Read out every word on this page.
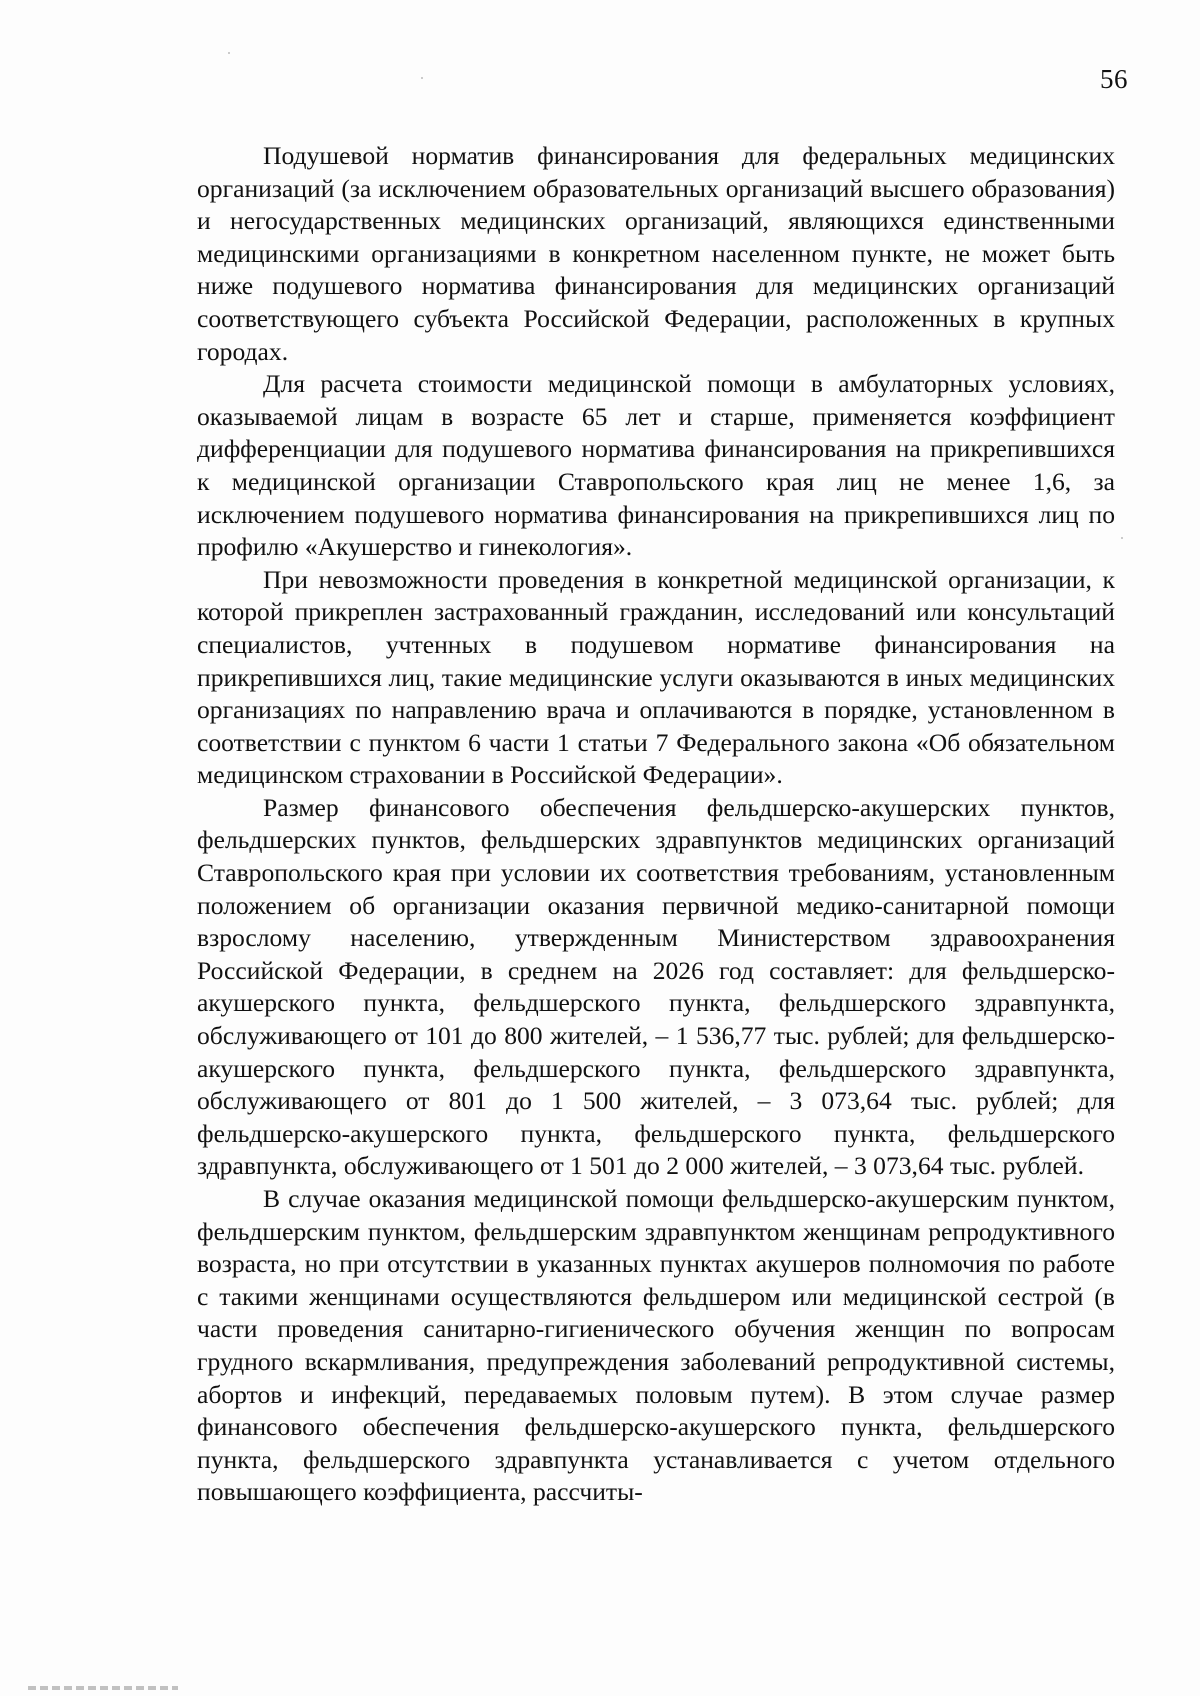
56

Подушевой норматив финансирования для федеральных медицинских организаций (за исключением образовательных организаций высшего образования) и негосударственных медицинских организаций, являющихся единственными медицинскими организациями в конкретном населенном пункте, не может быть ниже подушевого норматива финансирования для медицинских организаций соответствующего субъекта Российской Федерации, расположенных в крупных городах.

Для расчета стоимости медицинской помощи в амбулаторных условиях, оказываемой лицам в возрасте 65 лет и старше, применяется коэффициент дифференциации для подушевого норматива финансирования на прикрепившихся к медицинской организации Ставропольского края лиц не менее 1,6, за исключением подушевого норматива финансирования на прикрепившихся лиц по профилю «Акушерство и гинекология».

При невозможности проведения в конкретной медицинской организации, к которой прикреплен застрахованный гражданин, исследований или консультаций специалистов, учтенных в подушевом нормативе финансирования на прикрепившихся лиц, такие медицинские услуги оказываются в иных медицинских организациях по направлению врача и оплачиваются в порядке, установленном в соответствии с пунктом 6 части 1 статьи 7 Федерального закона «Об обязательном медицинском страховании в Российской Федерации».

Размер финансового обеспечения фельдшерско-акушерских пунктов, фельдшерских пунктов, фельдшерских здравпунктов медицинских организаций Ставропольского края при условии их соответствия требованиям, установленным положением об организации оказания первичной медико-санитарной помощи взрослому населению, утвержденным Министерством здравоохранения Российской Федерации, в среднем на 2026 год составляет: для фельдшерско-акушерского пункта, фельдшерского пункта, фельдшерского здравпункта, обслуживающего от 101 до 800 жителей, – 1 536,77 тыс. рублей; для фельдшерско-акушерского пункта, фельдшерского пункта, фельдшерского здравпункта, обслуживающего от 801 до 1 500 жителей, – 3 073,64 тыс. рублей; для фельдшерско-акушерского пункта, фельдшерского пункта, фельдшерского здравпункта, обслуживающего от 1 501 до 2 000 жителей, – 3 073,64 тыс. рублей.

В случае оказания медицинской помощи фельдшерско-акушерским пунктом, фельдшерским пунктом, фельдшерским здравпунктом женщинам репродуктивного возраста, но при отсутствии в указанных пунктах акушеров полномочия по работе с такими женщинами осуществляются фельдшером или медицинской сестрой (в части проведения санитарно-гигиенического обучения женщин по вопросам грудного вскармливания, предупреждения заболеваний репродуктивной системы, абортов и инфекций, передаваемых половым путем). В этом случае размер финансового обеспечения фельдшерско-акушерского пункта, фельдшерского пункта, фельдшерского здравпункта устанавливается с учетом отдельного повышающего коэффициента, рассчиты-
